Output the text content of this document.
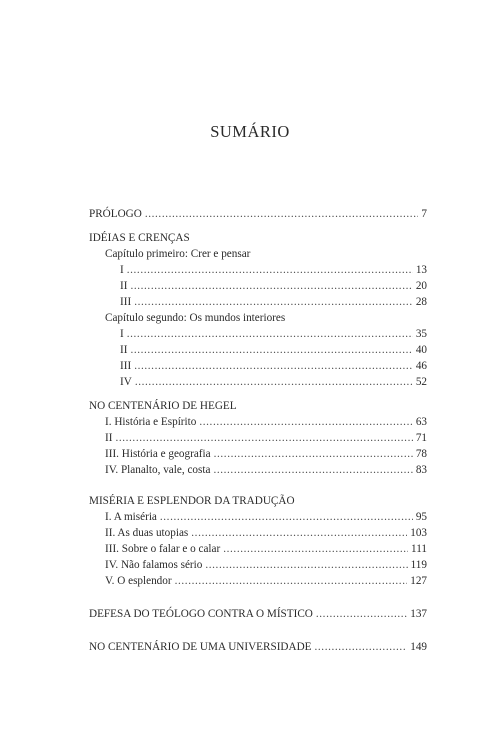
SUMÁRIO
PRÓLOGO .....	7
IDÉIAS E CRENÇAS
Capítulo primeiro: Crer e pensar
I .....	13
II .....	20
III .....	28
Capítulo segundo: Os mundos interiores
I .....	35
II .....	40
III .....	46
IV .....	52
NO CENTENÁRIO DE HEGEL
I. História e Espírito .....	63
II .....	71
III. História e geografia .....	78
IV. Planalto, vale, costa .....	83
MISÉRIA E ESPLENDOR DA TRADUÇÃO
I. A miséria .....	95
II. As duas utopias .....	103
III. Sobre o falar e o calar .....	111
IV. Não falamos sério .....	119
V. O esplendor .....	127
DEFESA DO TEÓLOGO CONTRA O MÍSTICO .....	137
NO CENTENÁRIO DE UMA UNIVERSIDADE .....	149
